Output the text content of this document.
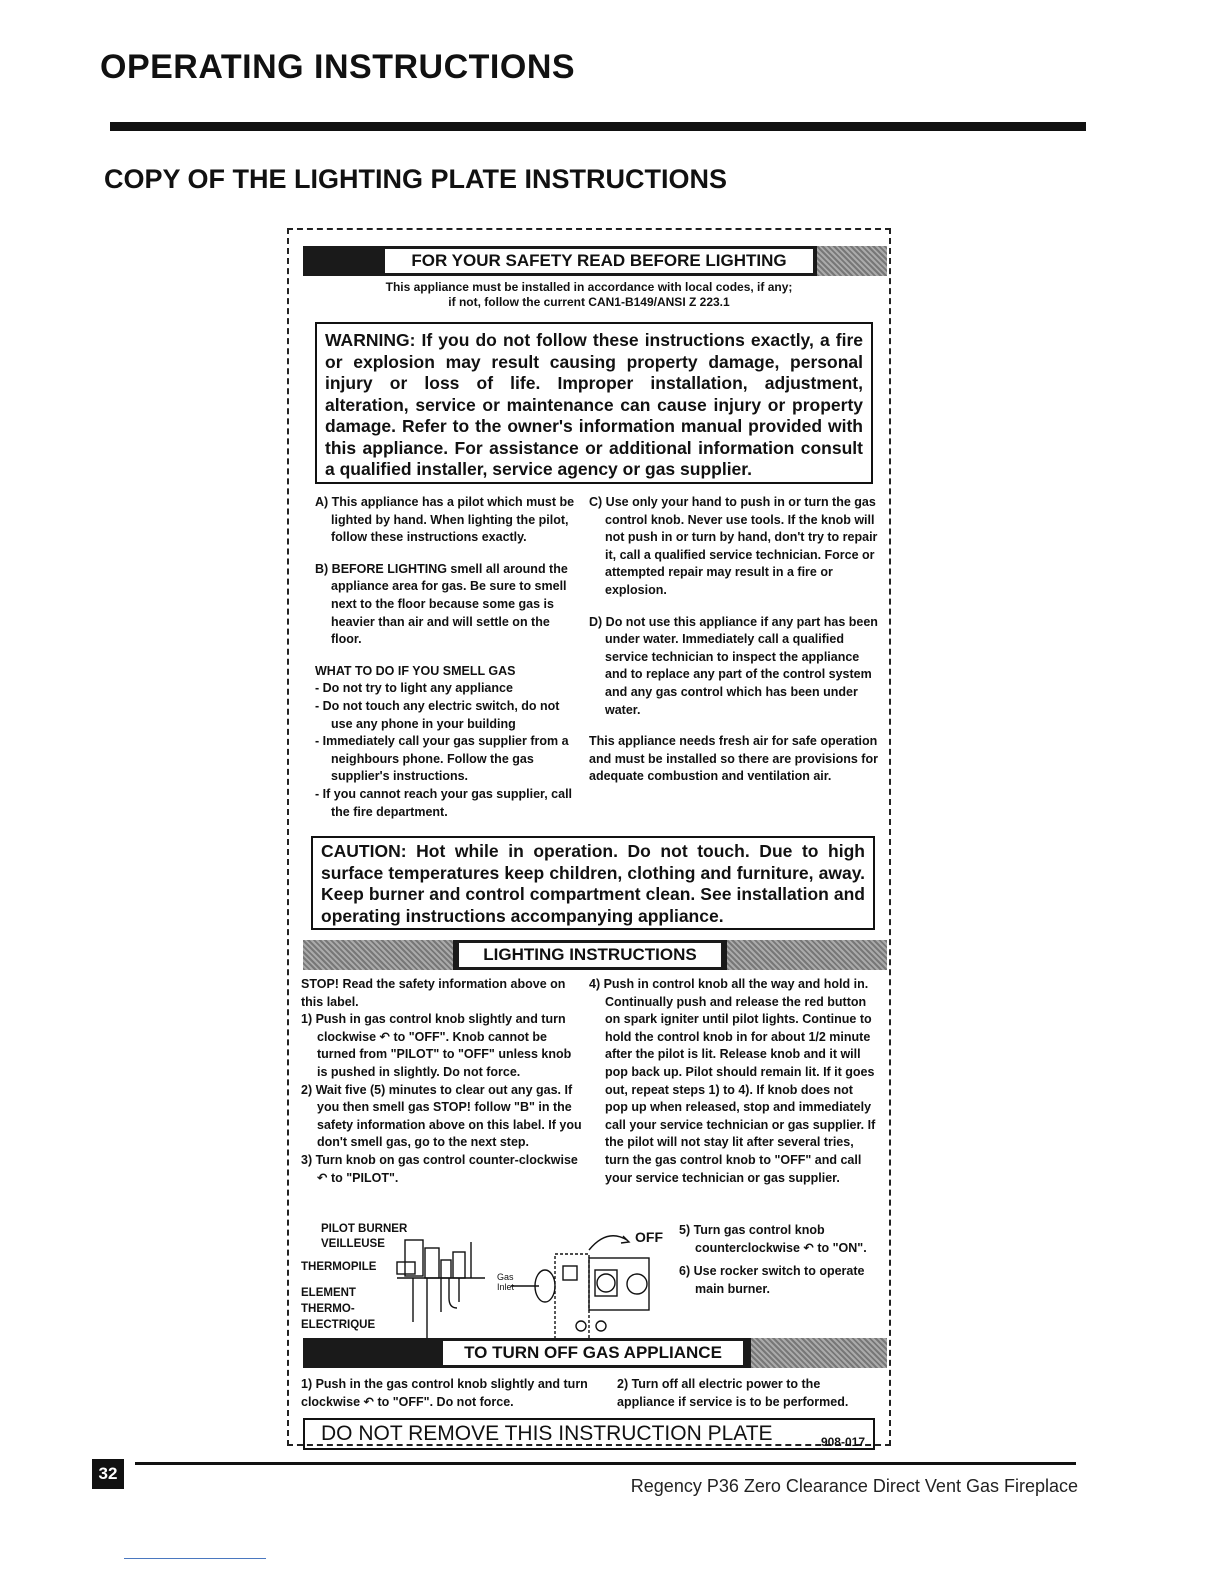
OPERATING INSTRUCTIONS
COPY OF THE LIGHTING PLATE INSTRUCTIONS
FOR YOUR SAFETY READ BEFORE LIGHTING
This appliance must be installed in accordance with local codes, if any;
if not, follow the current CAN1-B149/ANSI Z 223.1
WARNING: If you do not follow these instructions exactly, a fire or explosion may result causing property damage, personal injury or loss of life. Improper installation, adjustment, alteration, service or maintenance can cause injury or property damage. Refer to the owner's information manual provided with this appliance. For assistance or additional information consult a qualified installer, service agency or gas supplier.

A) This appliance has a pilot which must be lighted by hand. When lighting the pilot, follow these instructions exactly.

B) BEFORE LIGHTING smell all around the appliance area for gas. Be sure to smell next to the floor because some gas is heavier than air and will settle on the floor.

WHAT TO DO IF YOU SMELL GAS

- Do not try to light any appliance

- Do not touch any electric switch, do not use any phone in your building

- Immediately call your gas supplier from a neighbours phone. Follow the gas supplier's instructions.

- If you cannot reach your gas supplier, call the fire department.

C) Use only your hand to push in or turn the gas control knob. Never use tools. If the knob will not push in or turn by hand, don't try to repair it, call a qualified service technician. Force or attempted repair may result in a fire or explosion.

D) Do not use this appliance if any part has been under water. Immediately call a qualified service technician to inspect the appliance and to replace any part of the control system and any gas control which has been under water.

This appliance needs fresh air for safe operation and must be installed so there are provisions for adequate combustion and ventilation air.

CAUTION: Hot while in operation. Do not touch. Due to high surface temperatures keep children, clothing and furniture, away. Keep burner and control compartment clean. See installation and operating instructions accompanying appliance.
LIGHTING INSTRUCTIONS

STOP! Read the safety information above on this label.

1) Push in gas control knob slightly and turn clockwise ↶ to "OFF". Knob cannot be turned from "PILOT" to "OFF" unless knob is pushed in slightly. Do not force.

2) Wait five (5) minutes to clear out any gas. If you then smell gas STOP! follow "B" in the safety information above on this label. If you don't smell gas, go to the next step.

3) Turn knob on gas control counter-clockwise ↶ to "PILOT".

4) Push in control knob all the way and hold in. Continually push and release the red button on spark igniter until pilot lights. Continue to hold the control knob in for about 1/2 minute after the pilot is lit. Release knob and it will pop back up. Pilot should remain lit. If it goes out, repeat steps 1) to 4). If knob does not pop up when released, stop and immediately call your service technician or gas supplier. If the pilot will not stay lit after several tries, turn the gas control knob to "OFF" and call your service technician or gas supplier.

5) Turn gas control knob counterclockwise ↶ to "ON".

6) Use rocker switch to operate main burner.

PILOT BURNER
VEILLEUSE
THERMOPILE
ELEMENT
THERMO-
ELECTRIQUE
Gas
Inlet
OFF
TO TURN OFF GAS APPLIANCE
1) Push in the gas control knob slightly and turn clockwise ↶ to "OFF". Do not force.
2) Turn off all electric power to the appliance if service is to be performed.
DO NOT REMOVE THIS INSTRUCTION PLATE	908-017
32
Regency P36 Zero Clearance Direct Vent Gas Fireplace
